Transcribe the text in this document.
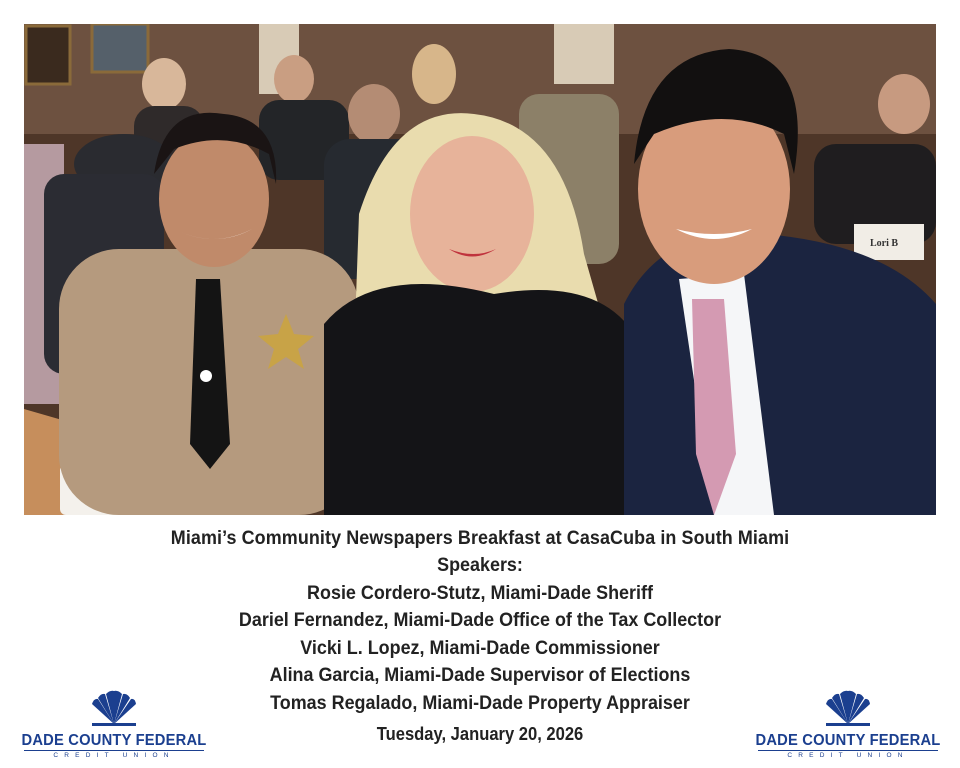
Lori B
Miami’s Community Newspapers Breakfast at CasaCuba in South Miami
Speakers:
Rosie Cordero-Stutz, Miami-Dade Sheriff
Dariel Fernandez, Miami-Dade Office of the Tax Collector
Vicki L. Lopez, Miami-Dade Commissioner
Alina Garcia, Miami-Dade Supervisor of Elections
Tomas Regalado, Miami-Dade Property Appraiser
Tuesday, January 20, 2026
DADE COUNTY FEDERAL
CREDIT UNION
DADE COUNTY FEDERAL
CREDIT UNION
